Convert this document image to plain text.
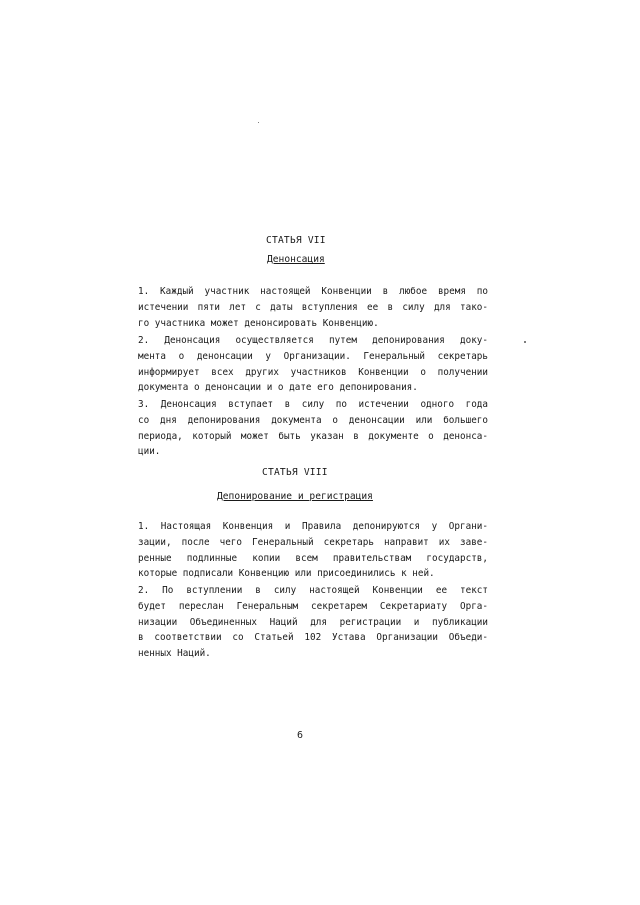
СТАТЬЯ VII
Денонсация
1. Каждый участник настоящей Конвенции в любое время по
истечении пяти лет с даты вступления ее в силу для тако-
го участника может денонсировать Конвенцию.
2. Денонсация осуществляется путем депонирования доку-
мента о денонсации у Организации. Генеральный секретарь
информирует всех других участников Конвенции о получении
документа о денонсации и о дате его депонирования.
3. Денонсация вступает в силу по истечении одного года
со дня депонирования документа о денонсации или большего
периода, который может быть указан в документе о денонса-
ции.
СТАТЬЯ VIII
Депонирование и регистрация
1. Настоящая Конвенция и Правила депонируются у Органи-
зации, после чего Генеральный секретарь направит их заве-
ренные подлинные копии всем правительствам государств,
которые подписали Конвенцию или присоединились к ней.
2. По вступлении в силу настоящей Конвенции ее текст
будет переслан Генеральным секретарем Секретариату Орга-
низации Объединенных Наций для регистрации и публикации
в соответствии со Статьей 102 Устава Организации Объеди-
ненных Наций.
6
